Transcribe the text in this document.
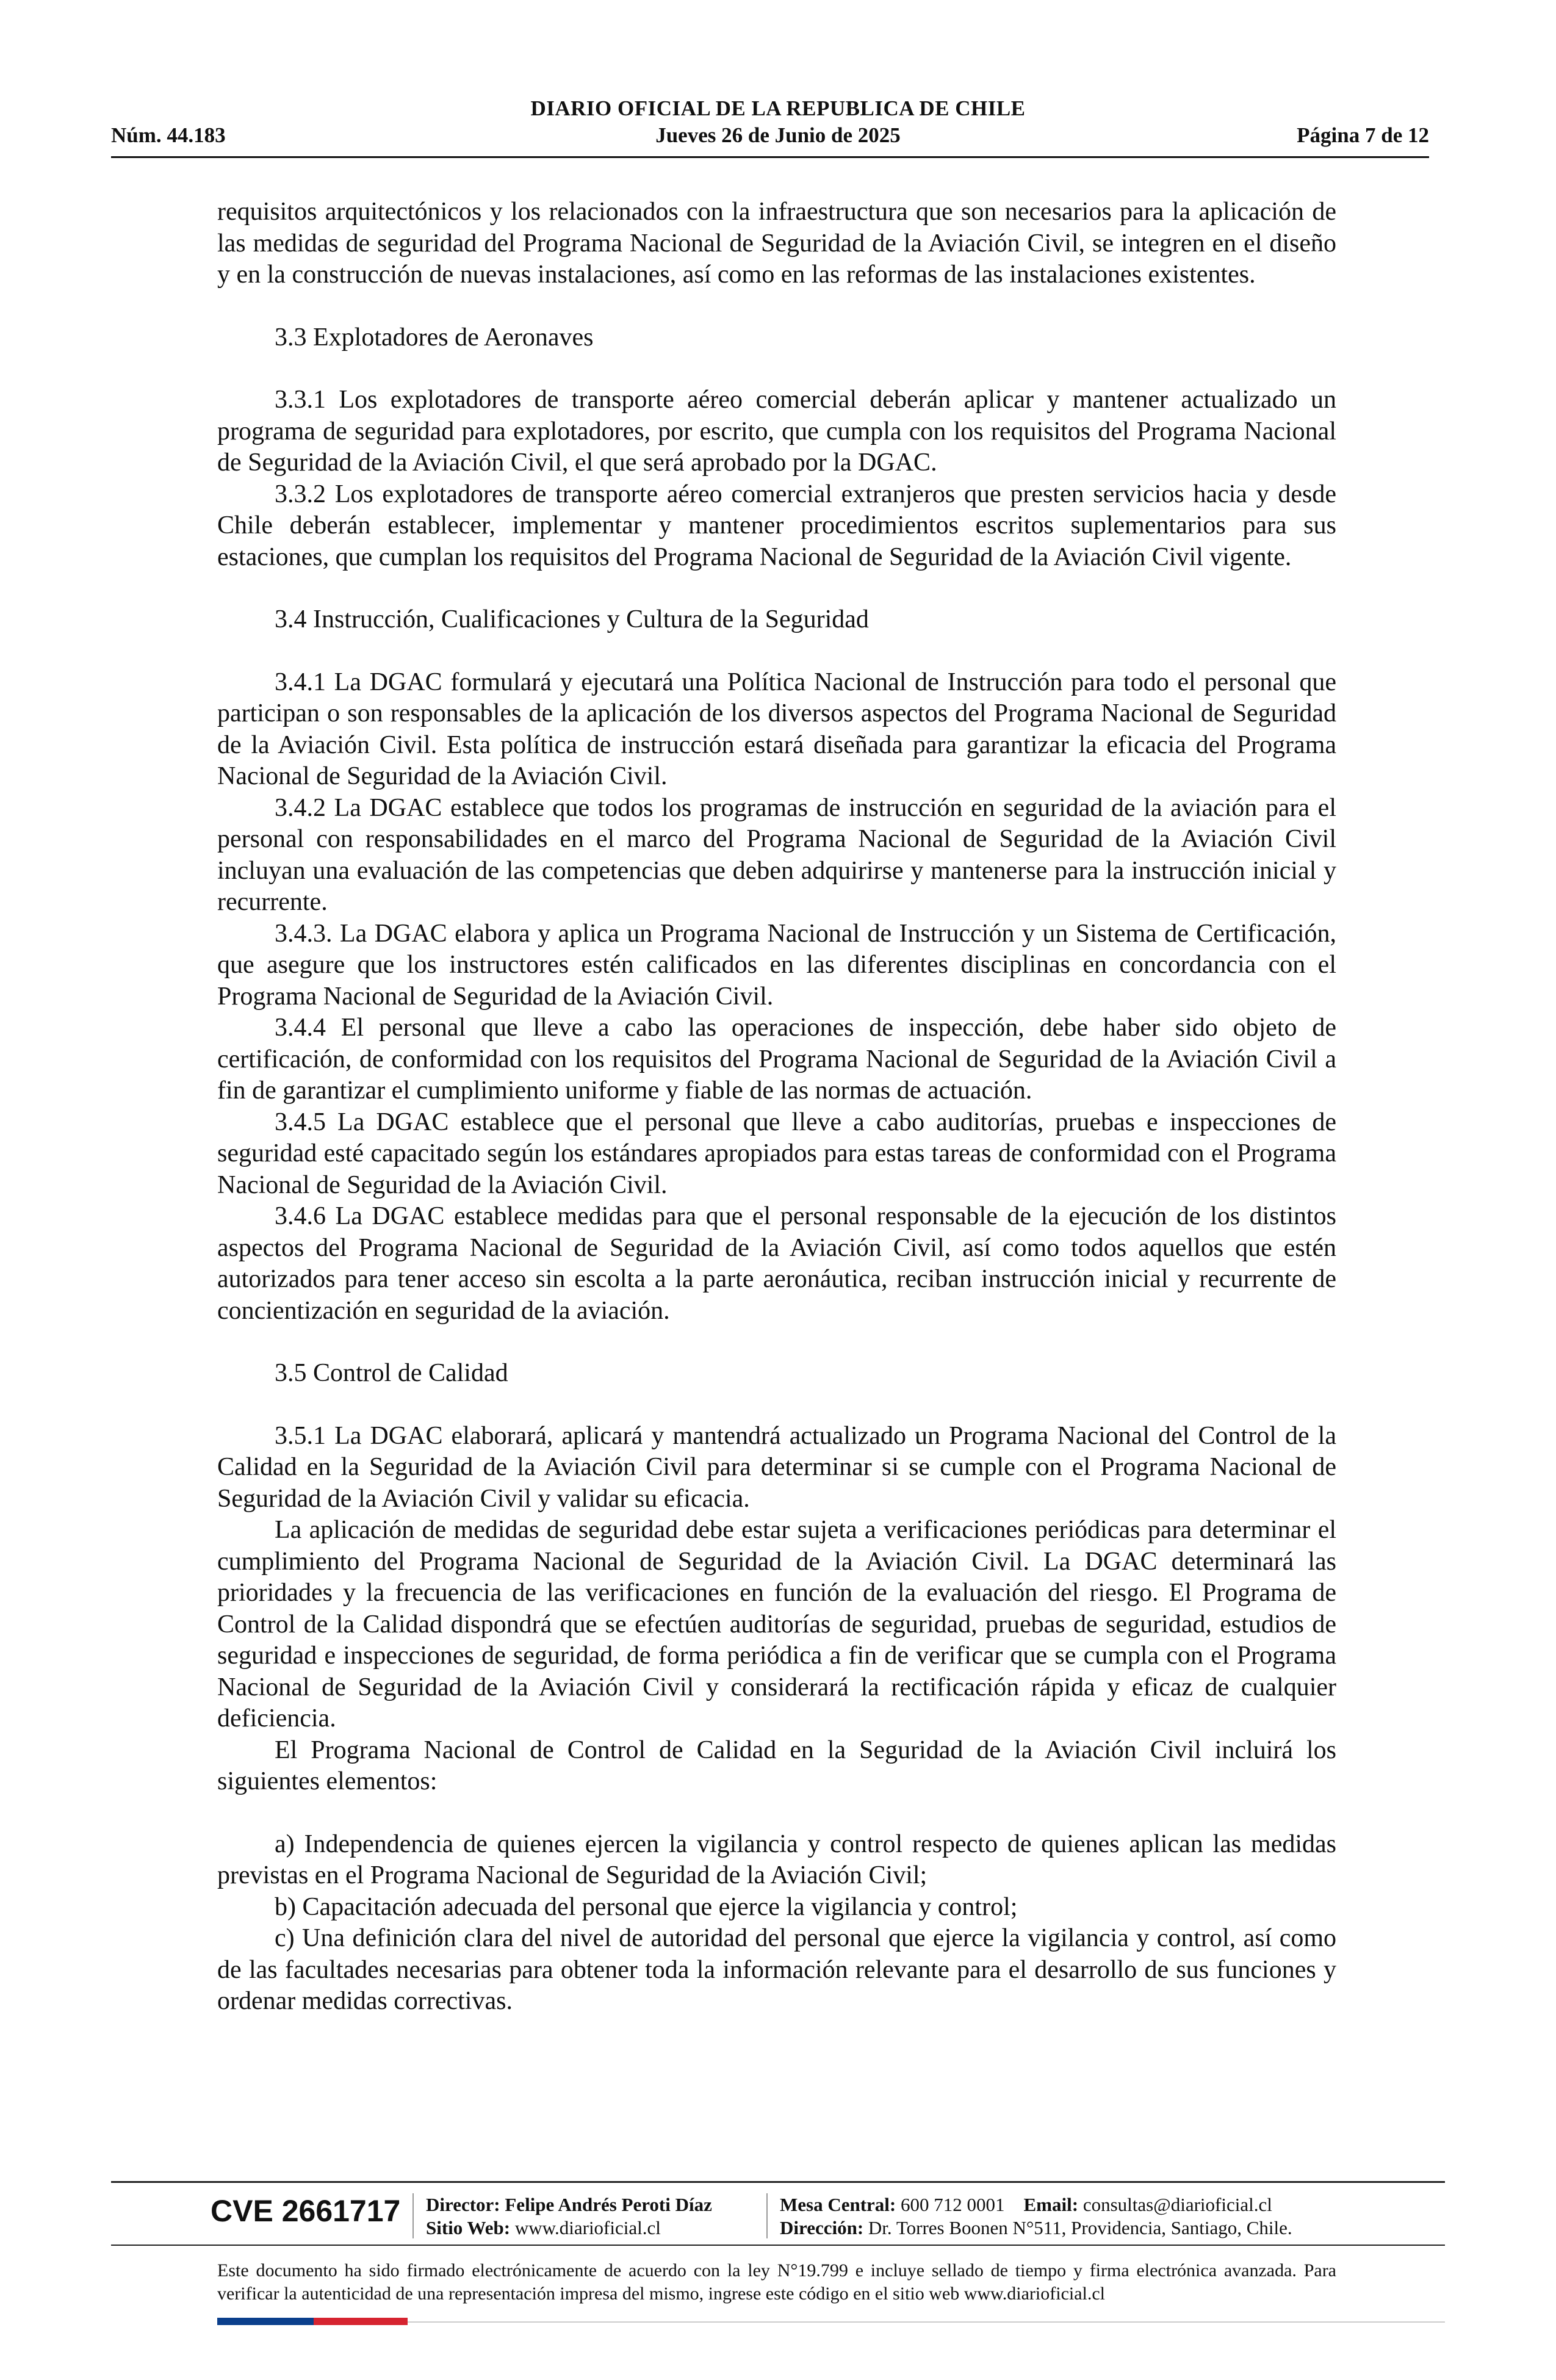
DIARIO OFICIAL DE LA REPUBLICA DE CHILE
Núm. 44.183	Jueves 26 de Junio de 2025	Página 7 de 12

requisitos arquitectónicos y los relacionados con la infraestructura que son necesarios para la aplicación de las medidas de seguridad del Programa Nacional de Seguridad de la Aviación Civil, se integren en el diseño y en la construcción de nuevas instalaciones, así como en las reformas de las instalaciones existentes.

3.3 Explotadores de Aeronaves

3.3.1 Los explotadores de transporte aéreo comercial deberán aplicar y mantener actualizado un programa de seguridad para explotadores, por escrito, que cumpla con los requisitos del Programa Nacional de Seguridad de la Aviación Civil, el que será aprobado por la DGAC.

3.3.2 Los explotadores de transporte aéreo comercial extranjeros que presten servicios hacia y desde Chile deberán establecer, implementar y mantener procedimientos escritos suplementarios para sus estaciones, que cumplan los requisitos del Programa Nacional de Seguridad de la Aviación Civil vigente.

3.4 Instrucción, Cualificaciones y Cultura de la Seguridad

3.4.1 La DGAC formulará y ejecutará una Política Nacional de Instrucción para todo el personal que participan o son responsables de la aplicación de los diversos aspectos del Programa Nacional de Seguridad de la Aviación Civil. Esta política de instrucción estará diseñada para garantizar la eficacia del Programa Nacional de Seguridad de la Aviación Civil.

3.4.2 La DGAC establece que todos los programas de instrucción en seguridad de la aviación para el personal con responsabilidades en el marco del Programa Nacional de Seguridad de la Aviación Civil incluyan una evaluación de las competencias que deben adquirirse y mantenerse para la instrucción inicial y recurrente.

3.4.3. La DGAC elabora y aplica un Programa Nacional de Instrucción y un Sistema de Certificación, que asegure que los instructores estén calificados en las diferentes disciplinas en concordancia con el Programa Nacional de Seguridad de la Aviación Civil.

3.4.4 El personal que lleve a cabo las operaciones de inspección, debe haber sido objeto de certificación, de conformidad con los requisitos del Programa Nacional de Seguridad de la Aviación Civil a fin de garantizar el cumplimiento uniforme y fiable de las normas de actuación.

3.4.5 La DGAC establece que el personal que lleve a cabo auditorías, pruebas e inspecciones de seguridad esté capacitado según los estándares apropiados para estas tareas de conformidad con el Programa Nacional de Seguridad de la Aviación Civil.

3.4.6 La DGAC establece medidas para que el personal responsable de la ejecución de los distintos aspectos del Programa Nacional de Seguridad de la Aviación Civil, así como todos aquellos que estén autorizados para tener acceso sin escolta a la parte aeronáutica, reciban instrucción inicial y recurrente de concientización en seguridad de la aviación.

3.5 Control de Calidad

3.5.1 La DGAC elaborará, aplicará y mantendrá actualizado un Programa Nacional del Control de la Calidad en la Seguridad de la Aviación Civil para determinar si se cumple con el Programa Nacional de Seguridad de la Aviación Civil y validar su eficacia.

La aplicación de medidas de seguridad debe estar sujeta a verificaciones periódicas para determinar el cumplimiento del Programa Nacional de Seguridad de la Aviación Civil. La DGAC determinará las prioridades y la frecuencia de las verificaciones en función de la evaluación del riesgo. El Programa de Control de la Calidad dispondrá que se efectúen auditorías de seguridad, pruebas de seguridad, estudios de seguridad e inspecciones de seguridad, de forma periódica a fin de verificar que se cumpla con el Programa Nacional de Seguridad de la Aviación Civil y considerará la rectificación rápida y eficaz de cualquier deficiencia.

El Programa Nacional de Control de Calidad en la Seguridad de la Aviación Civil incluirá los siguientes elementos:

a) Independencia de quienes ejercen la vigilancia y control respecto de quienes aplican las medidas previstas en el Programa Nacional de Seguridad de la Aviación Civil;

b) Capacitación adecuada del personal que ejerce la vigilancia y control;

c) Una definición clara del nivel de autoridad del personal que ejerce la vigilancia y control, así como de las facultades necesarias para obtener toda la información relevante para el desarrollo de sus funciones y ordenar medidas correctivas.

CVE 2661717 Director: Felipe Andrés Peroti Díaz
Sitio Web: www.diarioficial.cl
Mesa Central: 600 712 0001 Email: consultas@diarioficial.cl
Dirección: Dr. Torres Boonen N°511, Providencia, Santiago, Chile.
Este documento ha sido firmado electrónicamente de acuerdo con la ley N°19.799 e incluye sellado de tiempo y firma electrónica avanzada. Para verificar la autenticidad de una representación impresa del mismo, ingrese este código en el sitio web www.diarioficial.cl
